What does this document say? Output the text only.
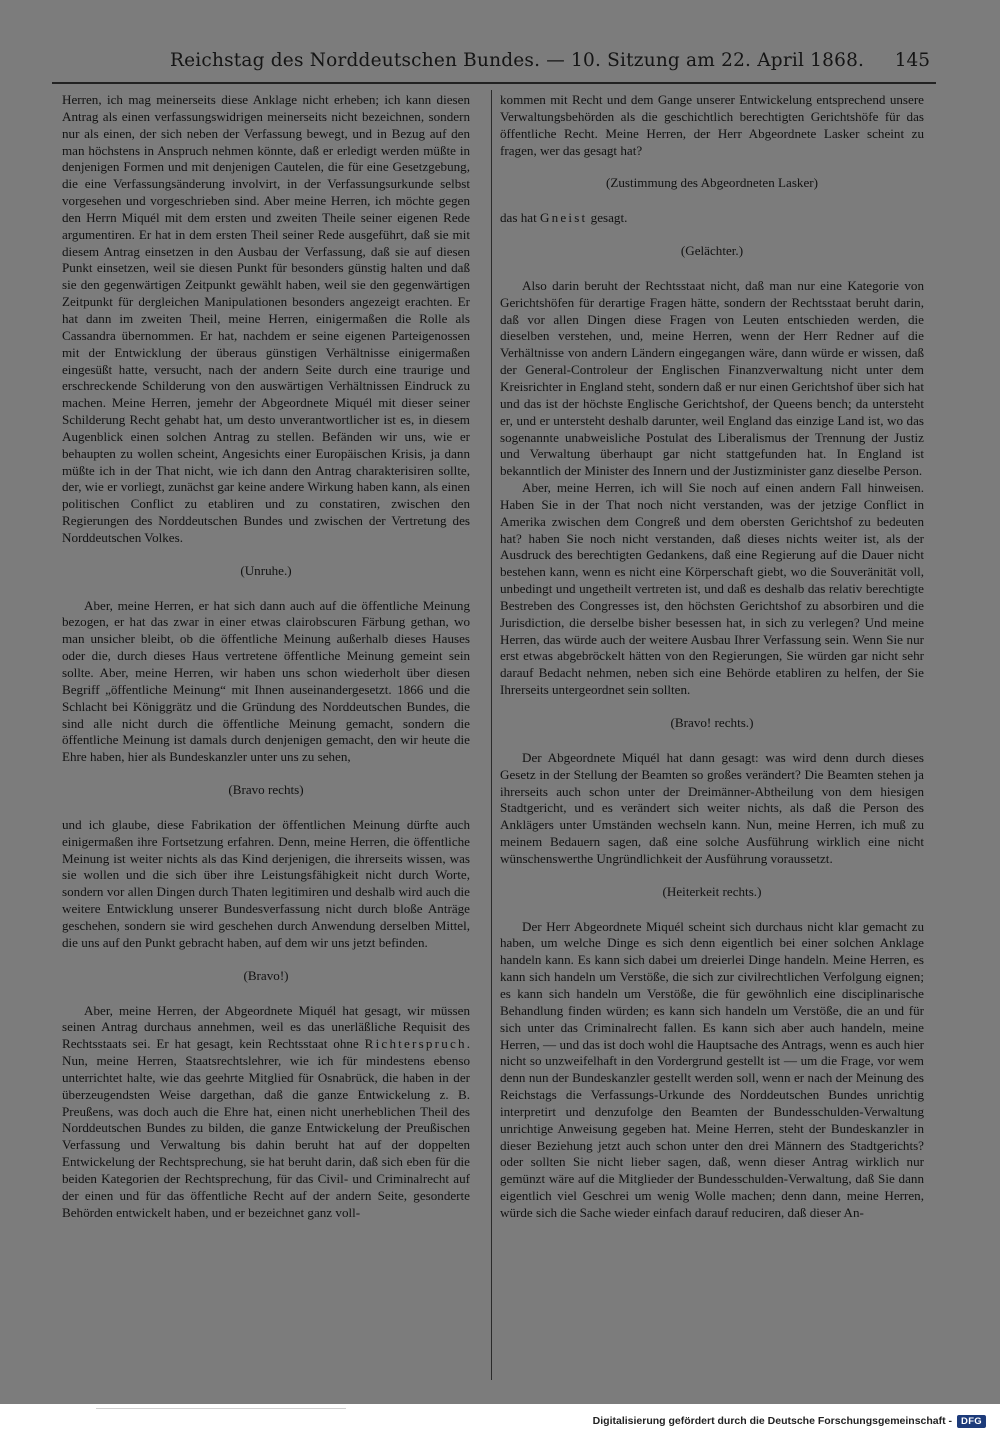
Reichstag des Norddeutschen Bundes. — 10. Sitzung am 22. April 1868. 145

Herren, ich mag meinerseits diese Anklage nicht erheben; ich kann diesen Antrag als einen verfassungswidrigen meinerseits nicht bezeichnen, sondern nur als einen, der sich neben der Verfassung bewegt, und in Bezug auf den man höchstens in Anspruch nehmen könnte, daß er erledigt werden müßte in denjenigen Formen und mit denjenigen Cautelen, die für eine Gesetzgebung, die eine Verfassungsänderung involvirt, in der Verfassungsurkunde selbst vorgesehen und vorgeschrieben sind. Aber meine Herren, ich möchte gegen den Herrn Miquél mit dem ersten und zweiten Theile seiner eigenen Rede argumentiren. Er hat in dem ersten Theil seiner Rede ausgeführt, daß sie mit diesem Antrag einsetzen in den Ausbau der Verfassung, daß sie auf diesen Punkt einsetzen, weil sie diesen Punkt für besonders günstig halten und daß sie den gegenwärtigen Zeitpunkt gewählt haben, weil sie den gegenwärtigen Zeitpunkt für dergleichen Manipulationen besonders angezeigt erachten. Er hat dann im zweiten Theil, meine Herren, einigermaßen die Rolle als Cassandra übernommen. Er hat, nachdem er seine eigenen Parteigenossen mit der Entwicklung der überaus günstigen Verhältnisse einigermaßen eingesüßt hatte, versucht, nach der andern Seite durch eine traurige und erschreckende Schilderung von den auswärtigen Verhältnissen Eindruck zu machen. Meine Herren, jemehr der Abgeordnete Miquél mit dieser seiner Schilderung Recht gehabt hat, um desto unverantwortlicher ist es, in diesem Augenblick einen solchen Antrag zu stellen. Befänden wir uns, wie er behaupten zu wollen scheint, Angesichts einer Europäischen Krisis, ja dann müßte ich in der That nicht, wie ich dann den Antrag charakterisiren sollte, der, wie er vorliegt, zunächst gar keine andere Wirkung haben kann, als einen politischen Conflict zu etabliren und zu constatiren, zwischen den Regierungen des Norddeutschen Bundes und zwischen der Vertretung des Norddeutschen Volkes.

(Unruhe.)

Aber, meine Herren, er hat sich dann auch auf die öffentliche Meinung bezogen, er hat das zwar in einer etwas clairobscuren Färbung gethan, wo man unsicher bleibt, ob die öffentliche Meinung außerhalb dieses Hauses oder die, durch dieses Haus vertretene öffentliche Meinung gemeint sein sollte. Aber, meine Herren, wir haben uns schon wiederholt über diesen Begriff „öffentliche Meinung“ mit Ihnen auseinandergesetzt. 1866 und die Schlacht bei Königgrätz und die Gründung des Norddeutschen Bundes, die sind alle nicht durch die öffentliche Meinung gemacht, sondern die öffentliche Meinung ist damals durch denjenigen gemacht, den wir heute die Ehre haben, hier als Bundeskanzler unter uns zu sehen,

(Bravo rechts)

und ich glaube, diese Fabrikation der öffentlichen Meinung dürfte auch einigermaßen ihre Fortsetzung erfahren. Denn, meine Herren, die öffentliche Meinung ist weiter nichts als das Kind derjenigen, die ihrerseits wissen, was sie wollen und die sich über ihre Leistungsfähigkeit nicht durch Worte, sondern vor allen Dingen durch Thaten legitimiren und deshalb wird auch die weitere Entwicklung unserer Bundesverfassung nicht durch bloße Anträge geschehen, sondern sie wird geschehen durch Anwendung derselben Mittel, die uns auf den Punkt gebracht haben, auf dem wir uns jetzt befinden.

(Bravo!)

Aber, meine Herren, der Abgeordnete Miquél hat gesagt, wir müssen seinen Antrag durchaus annehmen, weil es das unerläßliche Requisit des Rechtsstaats sei. Er hat gesagt, kein Rechtsstaat ohne Richterspruch. Nun, meine Herren, Staatsrechtslehrer, wie ich für mindestens ebenso unterrichtet halte, wie das geehrte Mitglied für Osnabrück, die haben in der überzeugendsten Weise dargethan, daß die ganze Entwickelung z. B. Preußens, was doch auch die Ehre hat, einen nicht unerheblichen Theil des Norddeutschen Bundes zu bilden, die ganze Entwickelung der Preußischen Verfassung und Verwaltung bis dahin beruht hat auf der doppelten Entwickelung der Rechtsprechung, sie hat beruht darin, daß sich eben für die beiden Kategorien der Rechtsprechung, für das Civil- und Criminalrecht auf der einen und für das öffentliche Recht auf der andern Seite, gesonderte Behörden entwickelt haben, und er bezeichnet ganz voll-

kommen mit Recht und dem Gange unserer Entwickelung entsprechend unsere Verwaltungsbehörden als die geschichtlich berechtigten Gerichtshöfe für das öffentliche Recht. Meine Herren, der Herr Abgeordnete Lasker scheint zu fragen, wer das gesagt hat?

(Zustimmung des Abgeordneten Lasker)

das hat Gneist gesagt.

(Gelächter.)

Also darin beruht der Rechtsstaat nicht, daß man nur eine Kategorie von Gerichtshöfen für derartige Fragen hätte, sondern der Rechtsstaat beruht darin, daß vor allen Dingen diese Fragen von Leuten entschieden werden, die dieselben verstehen, und, meine Herren, wenn der Herr Redner auf die Verhältnisse von andern Ländern eingegangen wäre, dann würde er wissen, daß der General-Controleur der Englischen Finanzverwaltung nicht unter dem Kreisrichter in England steht, sondern daß er nur einen Gerichtshof über sich hat und das ist der höchste Englische Gerichtshof, der Queens bench; da untersteht er, und er untersteht deshalb darunter, weil England das einzige Land ist, wo das sogenannte unabweisliche Postulat des Liberalismus der Trennung der Justiz und Verwaltung überhaupt gar nicht stattgefunden hat. In England ist bekanntlich der Minister des Innern und der Justizminister ganz dieselbe Person.

Aber, meine Herren, ich will Sie noch auf einen andern Fall hinweisen. Haben Sie in der That noch nicht verstanden, was der jetzige Conflict in Amerika zwischen dem Congreß und dem obersten Gerichtshof zu bedeuten hat? haben Sie noch nicht verstanden, daß dieses nichts weiter ist, als der Ausdruck des berechtigten Gedankens, daß eine Regierung auf die Dauer nicht bestehen kann, wenn es nicht eine Körperschaft giebt, wo die Souveränität voll, unbedingt und ungetheilt vertreten ist, und daß es deshalb das relativ berechtigte Bestreben des Congresses ist, den höchsten Gerichtshof zu absorbiren und die Jurisdiction, die derselbe bisher besessen hat, in sich zu verlegen? Und meine Herren, das würde auch der weitere Ausbau Ihrer Verfassung sein. Wenn Sie nur erst etwas abgebröckelt hätten von den Regierungen, Sie würden gar nicht sehr darauf Bedacht nehmen, neben sich eine Behörde etabliren zu helfen, der Sie Ihrerseits untergeordnet sein sollten.

(Bravo! rechts.)

Der Abgeordnete Miquél hat dann gesagt: was wird denn durch dieses Gesetz in der Stellung der Beamten so großes verändert? Die Beamten stehen ja ihrerseits auch schon unter der Dreimänner-Abtheilung von dem hiesigen Stadtgericht, und es verändert sich weiter nichts, als daß die Person des Anklägers unter Umständen wechseln kann. Nun, meine Herren, ich muß zu meinem Bedauern sagen, daß eine solche Ausführung wirklich eine nicht wünschenswerthe Ungründlichkeit der Ausführung voraussetzt.

(Heiterkeit rechts.)

Der Herr Abgeordnete Miquél scheint sich durchaus nicht klar gemacht zu haben, um welche Dinge es sich denn eigentlich bei einer solchen Anklage handeln kann. Es kann sich dabei um dreierlei Dinge handeln. Meine Herren, es kann sich handeln um Verstöße, die sich zur civilrechtlichen Verfolgung eignen; es kann sich handeln um Verstöße, die für gewöhnlich eine disciplinarische Behandlung finden würden; es kann sich handeln um Verstöße, die an und für sich unter das Criminalrecht fallen. Es kann sich aber auch handeln, meine Herren, — und das ist doch wohl die Hauptsache des Antrags, wenn es auch hier nicht so unzweifelhaft in den Vordergrund gestellt ist — um die Frage, vor wem denn nun der Bundeskanzler gestellt werden soll, wenn er nach der Meinung des Reichstags die Verfassungs-Urkunde des Norddeutschen Bundes unrichtig interpretirt und denzufolge den Beamten der Bundesschulden-Verwaltung unrichtige Anweisung gegeben hat. Meine Herren, steht der Bundeskanzler in dieser Beziehung jetzt auch schon unter den drei Männern des Stadtgerichts? oder sollten Sie nicht lieber sagen, daß, wenn dieser Antrag wirklich nur gemünzt wäre auf die Mitglieder der Bundesschulden-Verwaltung, daß Sie dann eigentlich viel Geschrei um wenig Wolle machen; denn dann, meine Herren, würde sich die Sache wieder einfach darauf reduciren, daß dieser An-

Digitalisierung gefördert durch die Deutsche Forschungsgemeinschaft - DFG
